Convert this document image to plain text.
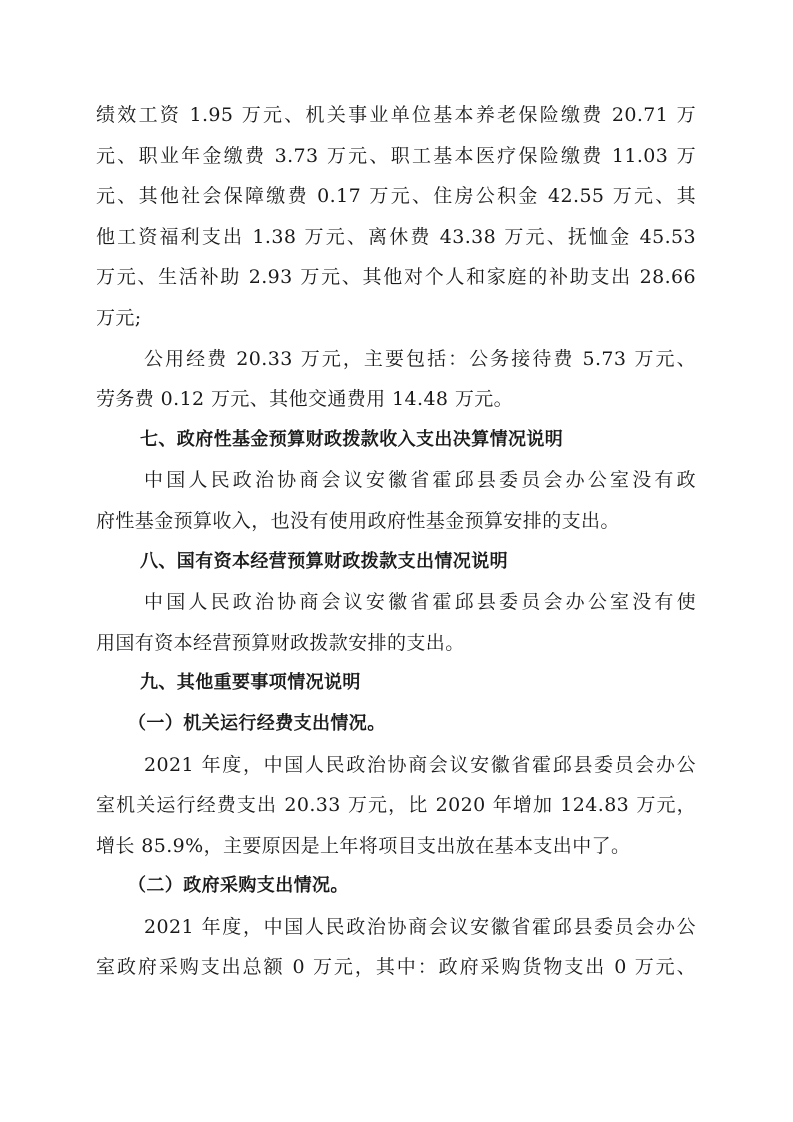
绩效工资 1.95 万元、机关事业单位基本养老保险缴费 20.71 万
元、职业年金缴费 3.73 万元、职工基本医疗保险缴费 11.03 万
元、其他社会保障缴费 0.17 万元、住房公积金 42.55 万元、其
他工资福利支出 1.38 万元、离休费 43.38 万元、抚恤金 45.53
万元、生活补助 2.93 万元、其他对个人和家庭的补助支出 28.66
万元;
公用经费 20.33 万元，主要包括：公务接待费 5.73 万元、
劳务费 0.12 万元、其他交通费用 14.48 万元。
七、政府性基金预算财政拨款收入支出决算情况说明
中国人民政治协商会议安徽省霍邱县委员会办公室没有政
府性基金预算收入，也没有使用政府性基金预算安排的支出。
八、国有资本经营预算财政拨款支出情况说明
中国人民政治协商会议安徽省霍邱县委员会办公室没有使
用国有资本经营预算财政拨款安排的支出。
九、其他重要事项情况说明
（一）机关运行经费支出情况。
2021 年度，中国人民政治协商会议安徽省霍邱县委员会办公
室机关运行经费支出 20.33 万元，比 2020 年增加 124.83 万元，
增长 85.9%，主要原因是上年将项目支出放在基本支出中了。
（二）政府采购支出情况。
2021 年度，中国人民政治协商会议安徽省霍邱县委员会办公
室政府采购支出总额 0 万元，其中：政府采购货物支出 0 万元、
